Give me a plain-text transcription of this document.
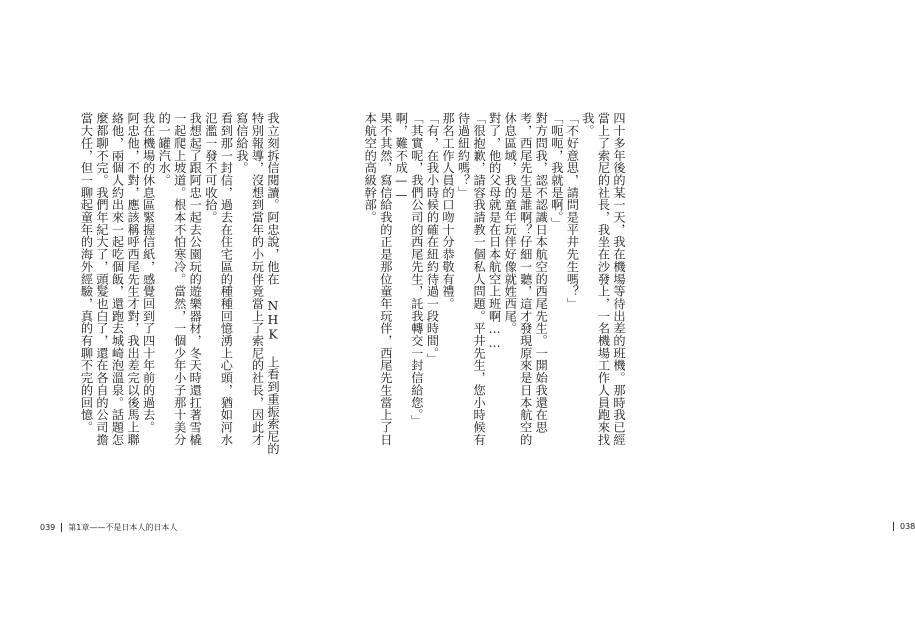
我立刻拆信閱讀。阿忠說，他在 NHK 上看到重振索尼的特別報導，沒想到當年的小玩伴竟當上了索尼的社長，因此才寫信給我。

看到那一封信，過去在住宅區的種種回憶湧上心頭，猶如河水氾濫一發不可收拾。

我想起了跟阿忠一起去公園玩的遊樂器材，冬天時還扛著雪橇一起爬上坡道。根本不怕寒冷。當然，一個少年小子那十美分的一罐汽水。

我在機場的休息區緊握信紙，感覺回到了四十年前的過去。

阿忠他，不對，應該稱呼西尾先生才對，我出差完以後馬上聯絡他，兩個人約出來一起吃個飯，還跑去城崎泡溫泉。話題怎麼都聊不完。我們年紀大了，頭髮也白了，還在各自的公司擔當大任，但一聊起童年的海外經驗，真的有聊不完的回憶。

039 第1章——不是日本人的日本人

四十多年後的某一天，我在機場等待出差的班機。那時我已經當上了索尼的社長，我坐在沙發上，一名機場工作人員跑來找我。

「不好意思，請問是平井先生嗎？」

「呃呃，我就是啊。」

對方問我，認不認識日本航空的西尾先生。一開始我還在思考，西尾先生是誰啊？仔細一聽，這才發現原來是日本航空的休息區域，我的童年玩伴好像就姓西尾。

對了，他的父母就是在日本航空上班啊……

「很抱歉，請容我請教一個私人問題。平井先生，您小時候有待過紐約嗎？」

那名工作人員的口吻十分恭敬有禮。

「有，在我小時候的確在紐約待過一段時間。」

「其實呢，我們公司的西尾先生，託我轉交一封信給您。」

啊，難不成——

果不其然，寫信給我的正是那位童年玩伴，西尾先生當上了日本航空的高級幹部。

038
